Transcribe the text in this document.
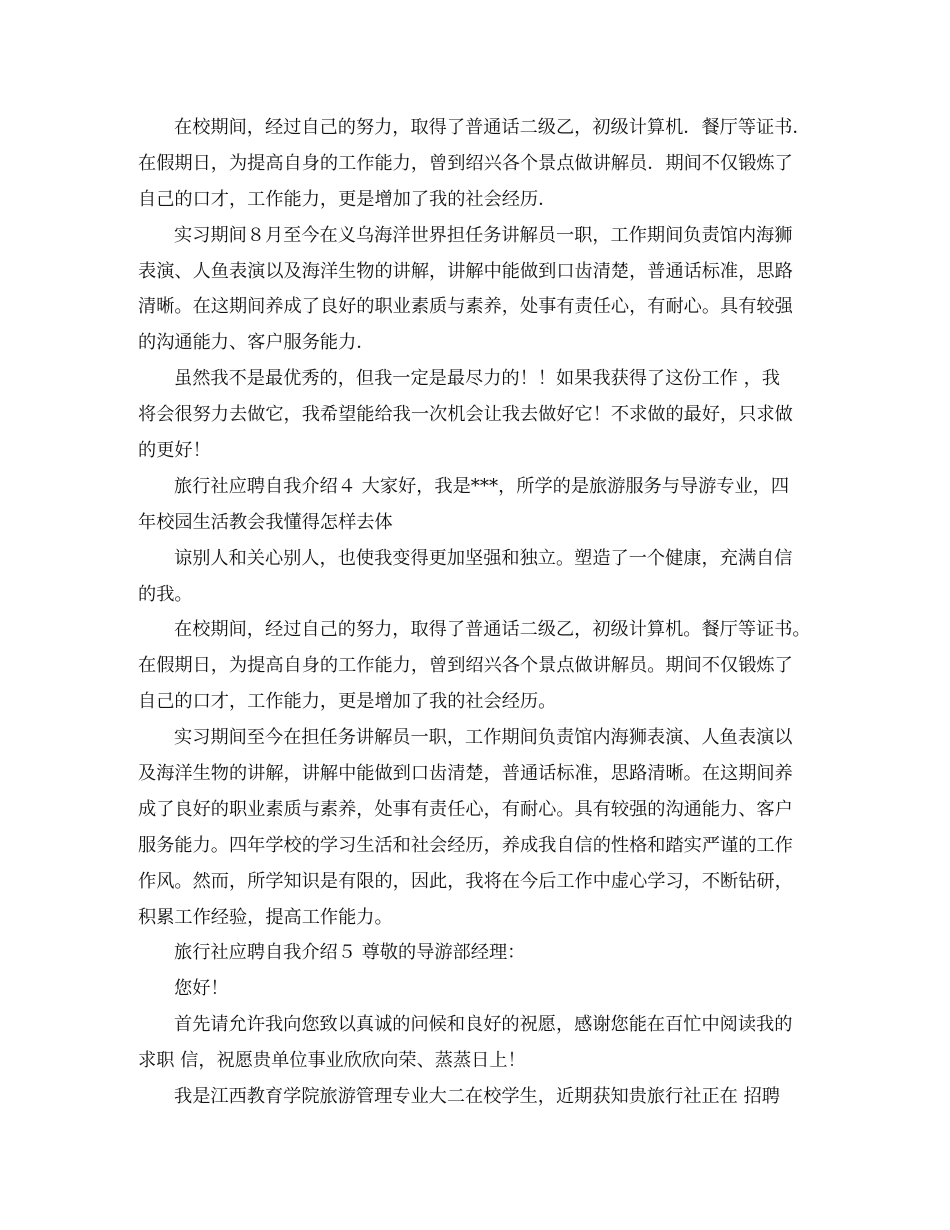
在校期间，经过自己的努力，取得了普通话二级乙，初级计算机．餐厅等证书．
在假期日，为提高自身的工作能力，曾到绍兴各个景点做讲解员．期间不仅锻炼了
自己的口才，工作能力，更是增加了我的社会经历．
实习期间８月至今在义乌海洋世界担任务讲解员一职，工作期间负责馆内海狮
表演、人鱼表演以及海洋生物的讲解，讲解中能做到口齿清楚，普通话标准，思路
清晰。在这期间养成了良好的职业素质与素养，处事有责任心，有耐心。具有较强
的沟通能力、客户服务能力．
虽然我不是最优秀的，但我一定是最尽力的！！如果我获得了这份工作 ，我
将会很努力去做它，我希望能给我一次机会让我去做好它！不求做的最好，只求做
的更好！
旅行社应聘自我介绍４ 大家好，我是***，所学的是旅游服务与导游专业，四
年校园生活教会我懂得怎样去体
谅别人和关心别人，也使我变得更加坚强和独立。塑造了一个健康，充满自信
的我。
在校期间，经过自己的努力，取得了普通话二级乙，初级计算机。餐厅等证书。
在假期日，为提高自身的工作能力，曾到绍兴各个景点做讲解员。期间不仅锻炼了
自己的口才，工作能力，更是增加了我的社会经历。
实习期间至今在担任务讲解员一职，工作期间负责馆内海狮表演、人鱼表演以
及海洋生物的讲解，讲解中能做到口齿清楚，普通话标准，思路清晰。在这期间养
成了良好的职业素质与素养，处事有责任心，有耐心。具有较强的沟通能力、客户
服务能力。四年学校的学习生活和社会经历，养成我自信的性格和踏实严谨的工作
作风。然而，所学知识是有限的，因此，我将在今后工作中虚心学习，不断钻研，
积累工作经验，提高工作能力。
旅行社应聘自我介绍５ 尊敬的导游部经理：
您好！
首先请允许我向您致以真诚的问候和良好的祝愿，感谢您能在百忙中阅读我的
求职 信，祝愿贵单位事业欣欣向荣、蒸蒸日上！
我是江西教育学院旅游管理专业大二在校学生，近期获知贵旅行社正在 招聘
